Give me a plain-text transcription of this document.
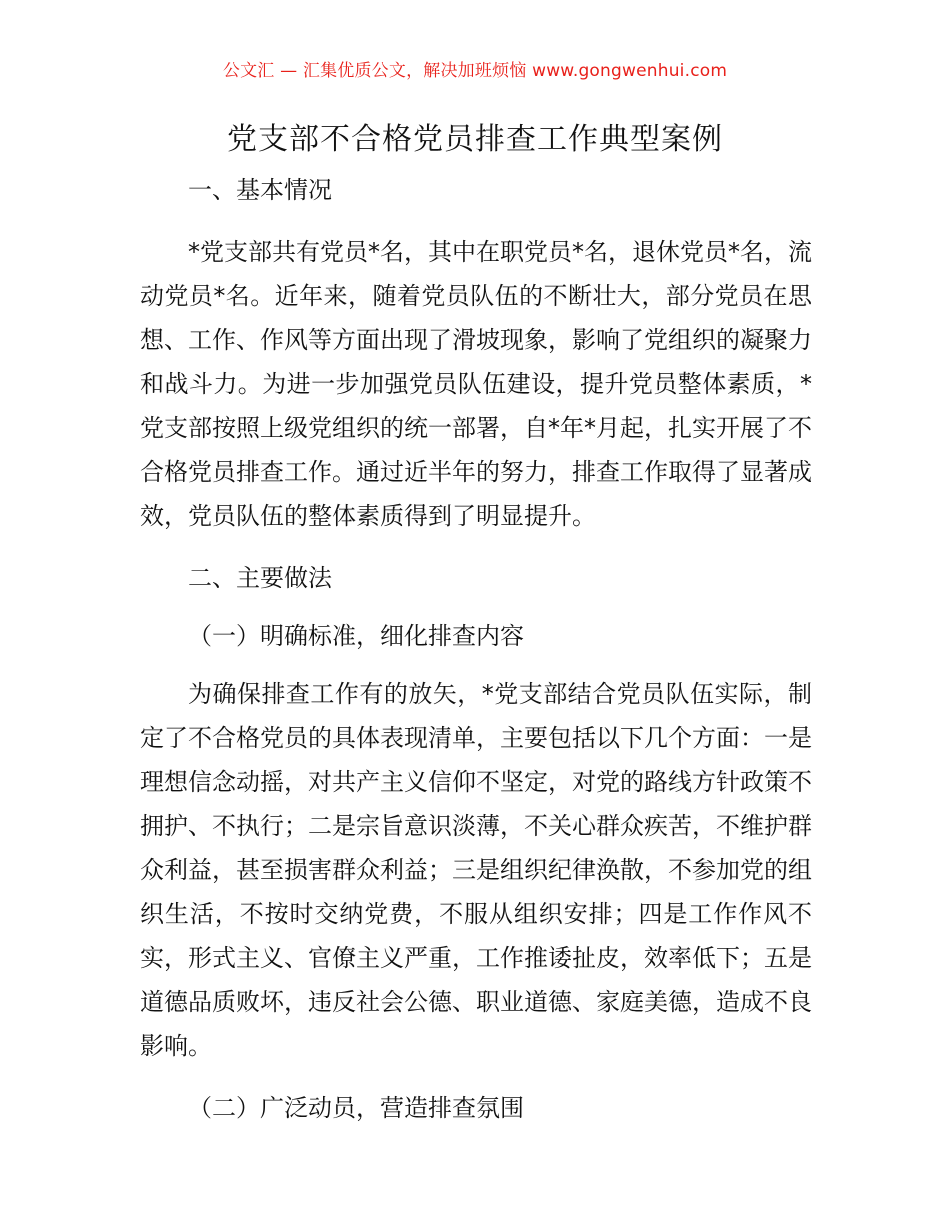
公文汇 — 汇集优质公文，解决加班烦恼 www.gongwenhui.com
党支部不合格党员排查工作典型案例

一、基本情况

*党支部共有党员*名，其中在职党员*名，退休党员*名，流动党员*名。近年来，随着党员队伍的不断壮大，部分党员在思想、工作、作风等方面出现了滑坡现象，影响了党组织的凝聚力和战斗力。为进一步加强党员队伍建设，提升党员整体素质，*党支部按照上级党组织的统一部署，自*年*月起，扎实开展了不合格党员排查工作。通过近半年的努力，排查工作取得了显著成效，党员队伍的整体素质得到了明显提升。

二、主要做法

（一）明确标准，细化排查内容

为确保排查工作有的放矢，*党支部结合党员队伍实际，制定了不合格党员的具体表现清单，主要包括以下几个方面：一是理想信念动摇，对共产主义信仰不坚定，对党的路线方针政策不拥护、不执行；二是宗旨意识淡薄，不关心群众疾苦，不维护群众利益，甚至损害群众利益；三是组织纪律涣散，不参加党的组织生活，不按时交纳党费，不服从组织安排；四是工作作风不实，形式主义、官僚主义严重，工作推诿扯皮，效率低下；五是道德品质败坏，违反社会公德、职业道德、家庭美德，造成不良影响。

（二）广泛动员，营造排查氛围
